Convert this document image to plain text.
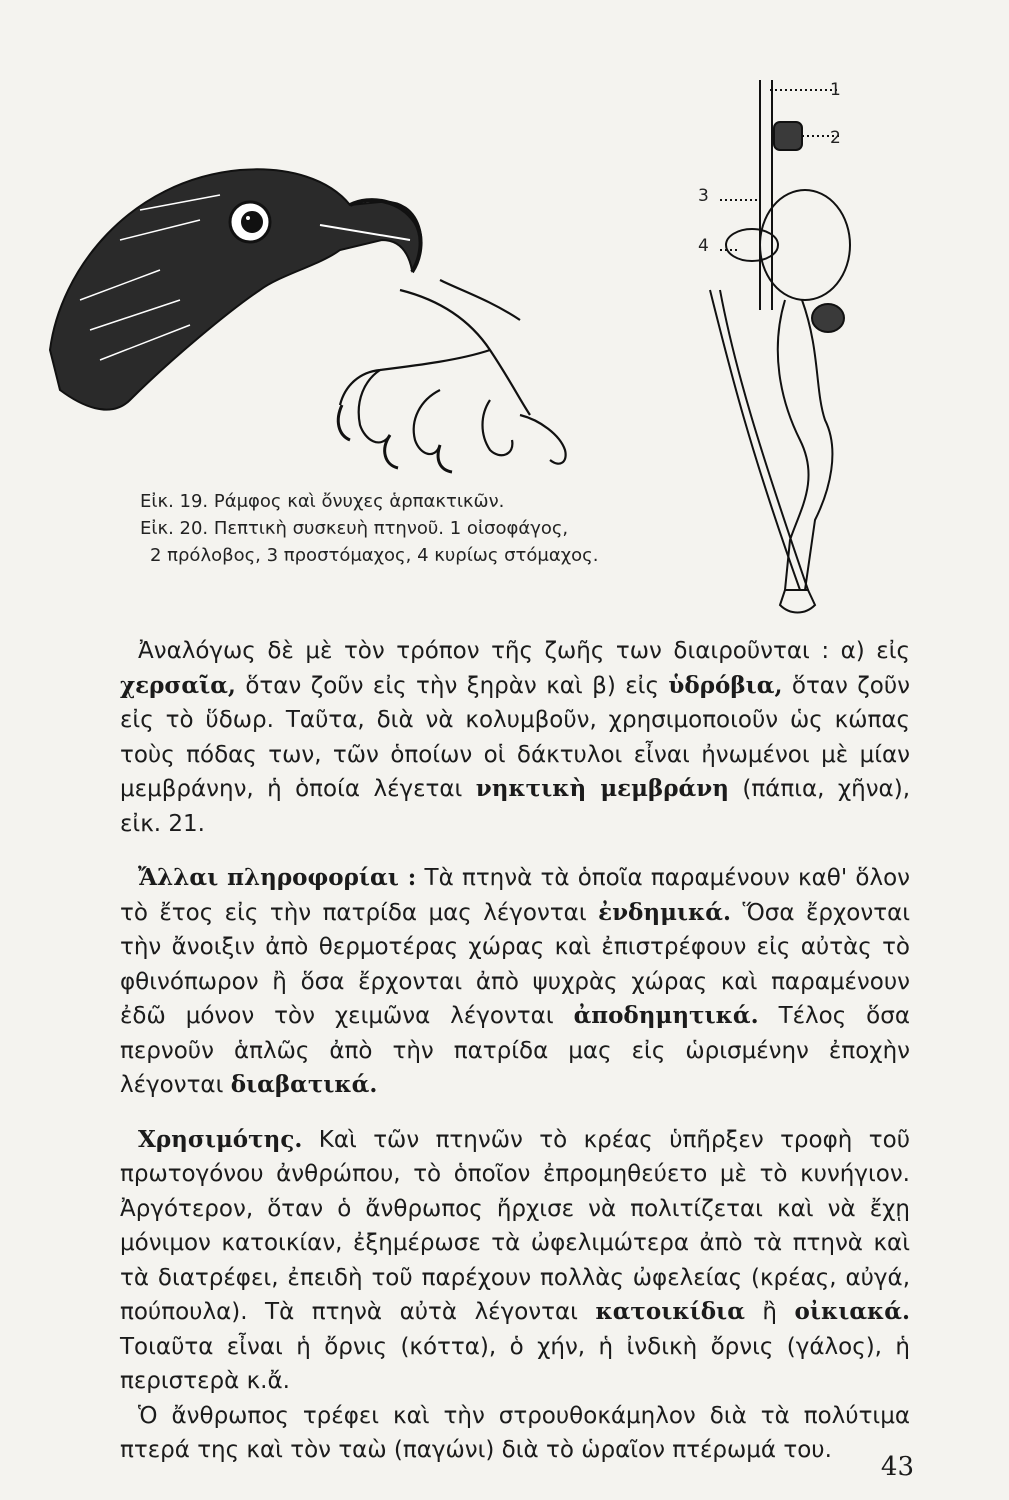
1
2
3
4
Εἰκ. 19. Ράμφος καὶ ὄνυχες ἁρπακτικῶν.
Εἰκ. 20. Πεπτικὴ συσκευὴ πτηνοῦ. 1 οἰσοφάγος,
2 πρόλοβος, 3 προστόμαχος, 4 κυρίως στόμαχος.

Ἀναλόγως δὲ μὲ τὸν τρόπον τῆς ζωῆς των διαιροῦνται : α) εἰς χερσαῖα, ὅταν ζοῦν εἰς τὴν ξηρὰν καὶ β) εἰς ὑδρόβια, ὅταν ζοῦν εἰς τὸ ὕδωρ. Ταῦτα, διὰ νὰ κολυμβοῦν, χρησιμοποιοῦν ὡς κώπας τοὺς πόδας των, τῶν ὁποίων οἱ δάκτυλοι εἶναι ἠνωμένοι μὲ μίαν μεμβράνην, ἡ ὁποία λέγεται νηκτικὴ μεμβράνη (πάπια, χῆνα), εἰκ. 21.

Ἄλλαι πληροφορίαι : Τὰ πτηνὰ τὰ ὁποῖα παραμένουν καθ' ὅλον τὸ ἔτος εἰς τὴν πατρίδα μας λέγονται ἐνδημικά. Ὅσα ἔρχονται τὴν ἄνοιξιν ἀπὸ θερμοτέρας χώρας καὶ ἐπιστρέφουν εἰς αὐτὰς τὸ φθινόπωρον ἢ ὅσα ἔρχονται ἀπὸ ψυχρὰς χώρας καὶ παραμένουν ἐδῶ μόνον τὸν χειμῶνα λέγονται ἀποδημητικά. Τέλος ὅσα περνοῦν ἁπλῶς ἀπὸ τὴν πατρίδα μας εἰς ὡρισμένην ἐποχὴν λέγονται διαβατικά.

Χρησιμότης. Καὶ τῶν πτηνῶν τὸ κρέας ὑπῆρξεν τροφὴ τοῦ πρωτογόνου ἀνθρώπου, τὸ ὁποῖον ἐπρομηθεύετο μὲ τὸ κυνήγιον. Ἀργότερον, ὅταν ὁ ἄνθρωπος ἤρχισε νὰ πολιτίζεται καὶ νὰ ἔχῃ μόνιμον κατοικίαν, ἐξημέρωσε τὰ ὠφελιμώτερα ἀπὸ τὰ πτηνὰ καὶ τὰ διατρέφει, ἐπειδὴ τοῦ παρέχουν πολλὰς ὠφελείας (κρέας, αὐγά, πούπουλα). Τὰ πτηνὰ αὐτὰ λέγονται κατοικίδια ἢ οἰκιακά. Τοιαῦτα εἶναι ἡ ὄρνις (κόττα), ὁ χήν, ἡ ἰνδικὴ ὄρνις (γάλος), ἡ περιστερὰ κ.ἄ.

Ὁ ἄνθρωπος τρέφει καὶ τὴν στρουθοκάμηλον διὰ τὰ πολύτιμα πτερά της καὶ τὸν ταὼ (παγώνι) διὰ τὸ ὡραῖον πτέρωμά του.

43
